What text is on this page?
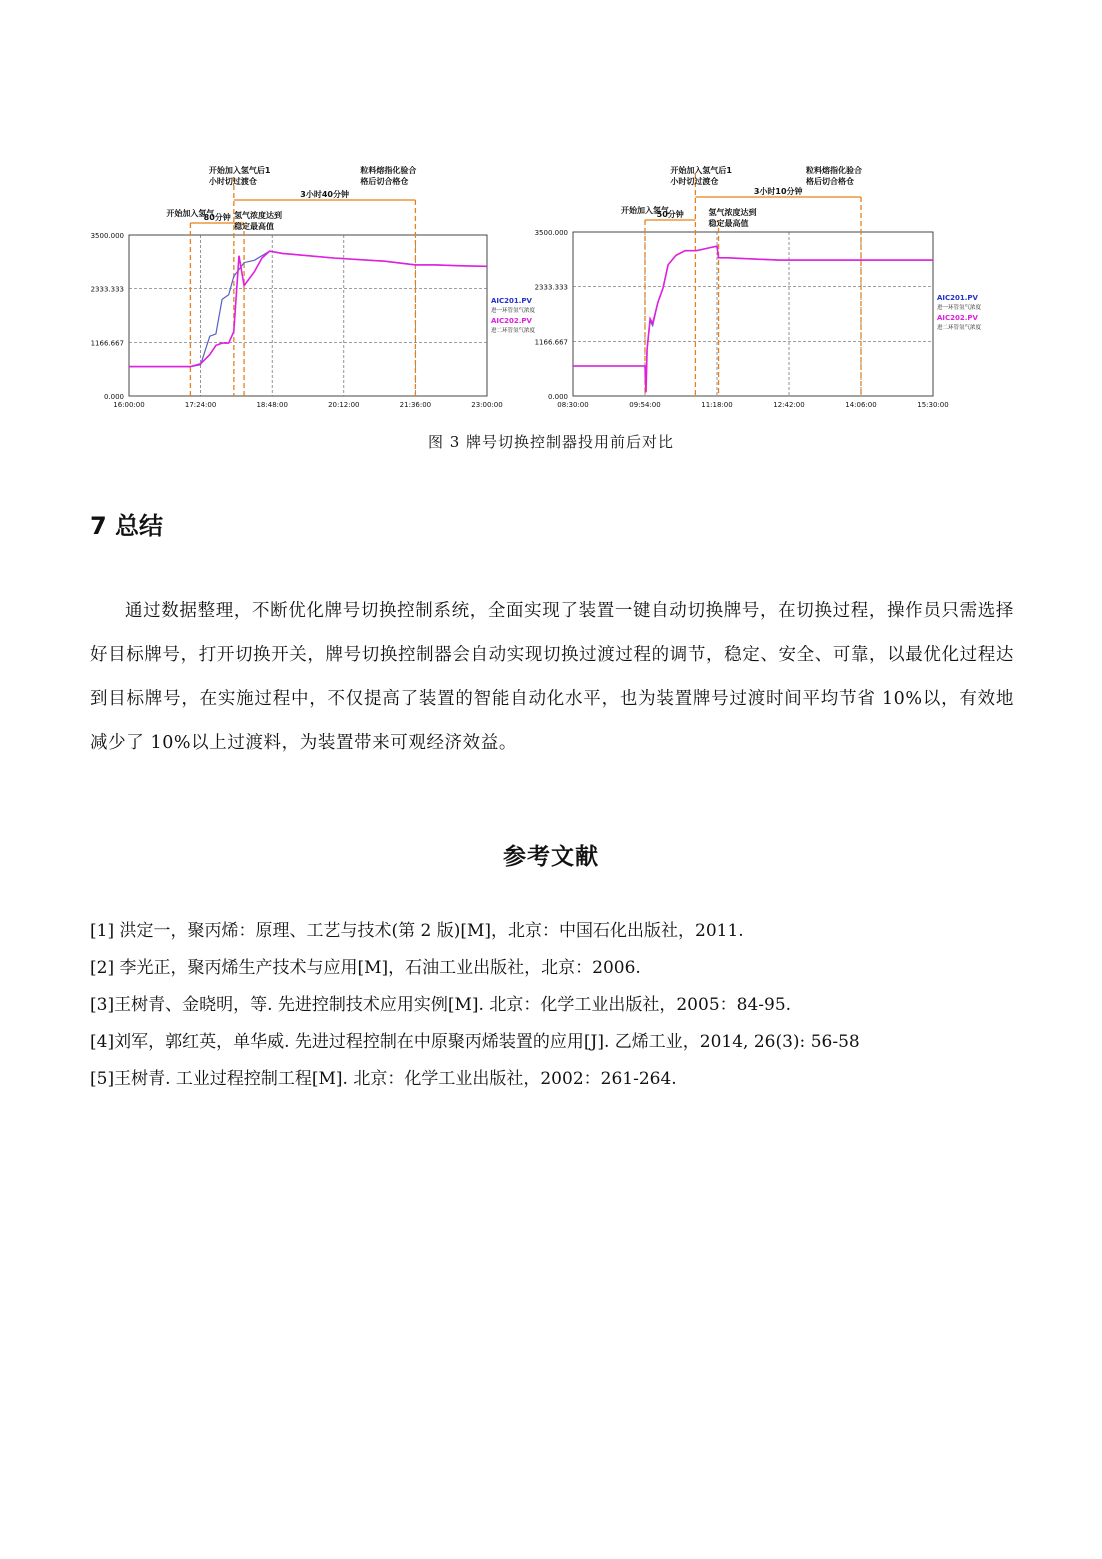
3500.000
2333.333
1166.667
0.000
16:00:00	17:24:00	18:48:00	20:12:00	21:36:00	23:00:00
80分钟
3小时40分钟
开始加入氢气
开始加入氢气后1
小时切过渡仓
氢气浓度达到
稳定最高值
粒料熔指化验合
格后切合格仓
AIC201.PV
进一环管氢气浓度
AIC202.PV
进二环管氢气浓度
3500.000
2333.333
1166.667
0.000
08:30:00	09:54:00	11:18:00	12:42:00	14:06:00	15:30:00
50分钟
3小时10分钟
开始加入氢气
开始加入氢气后1
小时切过渡仓
氢气浓度达到
稳定最高值
粒料熔指化验合
格后切合格仓
AIC201.PV
进一环管氢气浓度
AIC202.PV
进二环管氢气浓度
图 3 牌号切换控制器投用前后对比
7 总结
通过数据整理，不断优化牌号切换控制系统，全面实现了装置一键自动切换牌号，在切换过程，操作员只需选择好目标牌号，打开切换开关，牌号切换控制器会自动实现切换过渡过程的调节，稳定、安全、可靠，以最优化过程达到目标牌号，在实施过程中，不仅提高了装置的智能自动化水平，也为装置牌号过渡时间平均节省 10%以，有效地减少了 10%以上过渡料，为装置带来可观经济效益。
参考文献
[1] 洪定一，聚丙烯：原理、工艺与技术(第 2 版)[M]，北京：中国石化出版社，2011.
[2] 李光正，聚丙烯生产技术与应用[M]，石油工业出版社，北京：2006.
[3]王树青、金晓明，等. 先进控制技术应用实例[M]. 北京：化学工业出版社，2005：84-95.
[4]刘军，郭红英，单华威. 先进过程控制在中原聚丙烯装置的应用[J]. 乙烯工业，2014, 26(3): 56-58
[5]王树青. 工业过程控制工程[M]. 北京：化学工业出版社，2002：261-264.
